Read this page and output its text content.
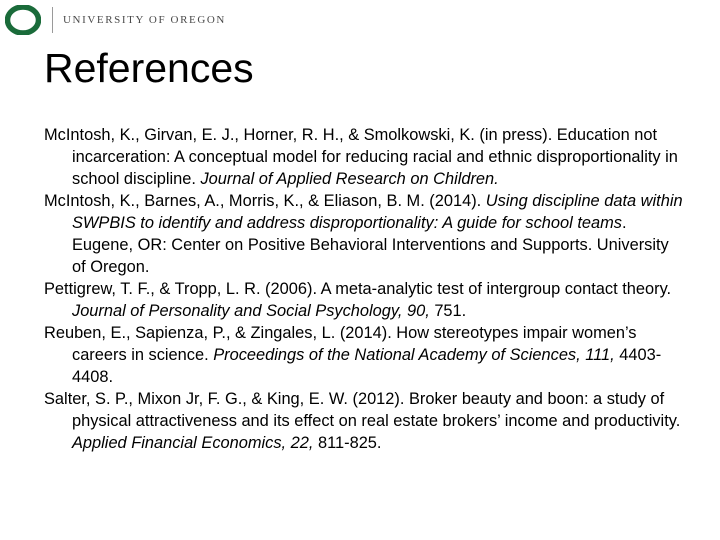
UNIVERSITY OF OREGON
References

McIntosh, K., Girvan, E. J., Horner, R. H., & Smolkowski, K. (in press). Education not incarceration: A conceptual model for reducing racial and ethnic disproportionality in school discipline. Journal of Applied Research on Children.

McIntosh, K., Barnes, A., Morris, K., & Eliason, B. M. (2014). Using discipline data within SWPBIS to identify and address disproportionality: A guide for school teams. Eugene, OR: Center on Positive Behavioral Interventions and Supports. University of Oregon.

Pettigrew, T. F., & Tropp, L. R. (2006). A meta-analytic test of intergroup contact theory. Journal of Personality and Social Psychology, 90, 751.

Reuben, E., Sapienza, P., & Zingales, L. (2014). How stereotypes impair women’s careers in science. Proceedings of the National Academy of Sciences, 111, 4403-4408.

Salter, S. P., Mixon Jr, F. G., & King, E. W. (2012). Broker beauty and boon: a study of physical attractiveness and its effect on real estate brokers’ income and productivity. Applied Financial Economics, 22, 811-825.
